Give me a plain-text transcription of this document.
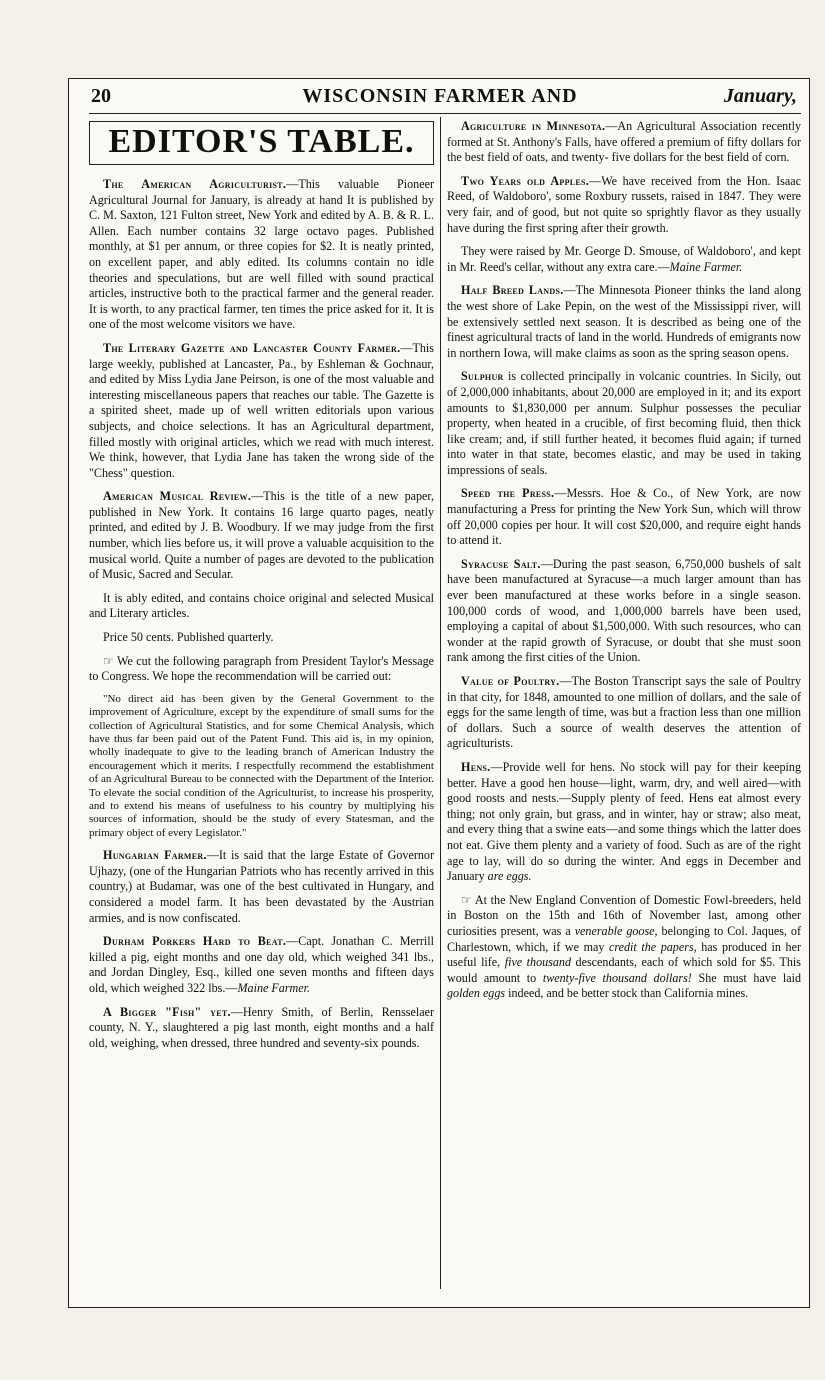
20	WISCONSIN FARMER AND	January,
EDITOR'S TABLE.

The American Agriculturist.—This valuable Pioneer Agricultural Journal for January, is already at hand It is published by C. M. Saxton, 121 Fulton street, New York and edited by A. B. & R. L. Allen. Each number contains 32 large octavo pages. Published monthly, at $1 per annum, or three copies for $2. It is neatly printed, on excellent paper, and ably edited. Its columns contain no idle theories and speculations, but are well filled with sound practical articles, instructive both to the practical farmer and the general reader. It is worth, to any practical farmer, ten times the price asked for it. It is one of the most welcome visitors we have.

The Literary Gazette and Lancaster County Farmer.—This large weekly, published at Lancaster, Pa., by Eshleman & Gochnaur, and edited by Miss Lydia Jane Peirson, is one of the most valuable and interesting miscellaneous papers that reaches our table. The Gazette is a spirited sheet, made up of well written editorials upon various subjects, and choice selections. It has an Agricultural department, filled mostly with original articles, which we read with much interest. We think, however, that Lydia Jane has taken the wrong side of the "Chess" question.

American Musical Review.—This is the title of a new paper, published in New York. It contains 16 large quarto pages, neatly printed, and edited by J. B. Woodbury. If we may judge from the first number, which lies before us, it will prove a valuable acquisition to the musical world. Quite a number of pages are devoted to the publication of Music, Sacred and Secular.

It is ably edited, and contains choice original and selected Musical and Literary articles.

Price 50 cents. Published quarterly.

☞ We cut the following paragraph from President Taylor's Message to Congress. We hope the recommendation will be carried out:

"No direct aid has been given by the General Government to the improvement of Agriculture, except by the expenditure of small sums for the collection of Agricultural Statistics, and for some Chemical Analysis, which have thus far been paid out of the Patent Fund. This aid is, in my opinion, wholly inadequate to give to the leading branch of American Industry the encouragement which it merits. I respectfully recommend the establishment of an Agricultural Bureau to be connected with the Department of the Interior. To elevate the social condition of the Agriculturist, to increase his prosperity, and to extend his means of usefulness to his country by multiplying his sources of information, should be the study of every Statesman, and the primary object of every Legislator."

Hungarian Farmer.—It is said that the large Estate of Governor Ujhazy, (one of the Hungarian Patriots who has recently arrived in this country,) at Budamar, was one of the best cultivated in Hungary, and considered a model farm. It has been devastated by the Austrian armies, and is now confiscated.

Durham Porkers Hard to Beat.—Capt. Jonathan C. Merrill killed a pig, eight months and one day old, which weighed 341 lbs., and Jordan Dingley, Esq., killed one seven months and fifteen days old, which weighed 322 lbs.—Maine Farmer.

A Bigger "Fish" yet.—Henry Smith, of Berlin, Rensselaer county, N. Y., slaughtered a pig last month, eight months and a half old, weighing, when dressed, three hundred and seventy-six pounds.

Agriculture in Minnesota.—An Agricultural Association recently formed at St. Anthony's Falls, have offered a premium of fifty dollars for the best field of oats, and twenty- five dollars for the best field of corn.

Two Years old Apples.—We have received from the Hon. Isaac Reed, of Waldoboro', some Roxbury russets, raised in 1847. They were very fair, and of good, but not quite so sprightly flavor as they usually have during the first spring after their growth.

They were raised by Mr. George D. Smouse, of Waldoboro', and kept in Mr. Reed's cellar, without any extra care.—Maine Farmer.

Half Breed Lands.—The Minnesota Pioneer thinks the land along the west shore of Lake Pepin, on the west of the Mississippi river, will be extensively settled next season. It is described as being one of the finest agricultural tracts of land in the world. Hundreds of emigrants now in northern Iowa, will make claims as soon as the spring season opens.

Sulphur is collected principally in volcanic countries. In Sicily, out of 2,000,000 inhabitants, about 20,000 are employed in it; and its export amounts to $1,830,000 per annum. Sulphur possesses the peculiar property, when heated in a crucible, of first becoming fluid, then thick like cream; and, if still further heated, it becomes fluid again; if turned into water in that state, becomes elastic, and may be used in taking impressions of seals.

Speed the Press.—Messrs. Hoe & Co., of New York, are now manufacturing a Press for printing the New York Sun, which will throw off 20,000 copies per hour. It will cost $20,000, and require eight hands to attend it.

Syracuse Salt.—During the past season, 6,750,000 bushels of salt have been manufactured at Syracuse—a much larger amount than has ever been manufactured at these works before in a single season. 100,000 cords of wood, and 1,000,000 barrels have been used, employing a capital of about $1,500,000. With such resources, who can wonder at the rapid growth of Syracuse, or doubt that she must soon rank among the first cities of the Union.

Value of Poultry.—The Boston Transcript says the sale of Poultry in that city, for 1848, amounted to one million of dollars, and the sale of eggs for the same length of time, was but a fraction less than one million of dollars. Such a source of wealth deserves the attention of agriculturists.

Hens.—Provide well for hens. No stock will pay for their keeping better. Have a good hen house—light, warm, dry, and well aired—with good roosts and nests.—Supply plenty of feed. Hens eat almost every thing; not only grain, but grass, and in winter, hay or straw; also meat, and every thing that a swine eats—and some things which the latter does not eat. Give them plenty and a variety of food. Such as are of the right age to lay, will do so during the winter. And eggs in December and January are eggs.

☞ At the New England Convention of Domestic Fowl-breeders, held in Boston on the 15th and 16th of November last, among other curiosities present, was a venerable goose, belonging to Col. Jaques, of Charlestown, which, if we may credit the papers, has produced in her useful life, five thousand descendants, each of which sold for $5. This would amount to twenty-five thousand dollars! She must have laid golden eggs indeed, and be better stock than California mines.
